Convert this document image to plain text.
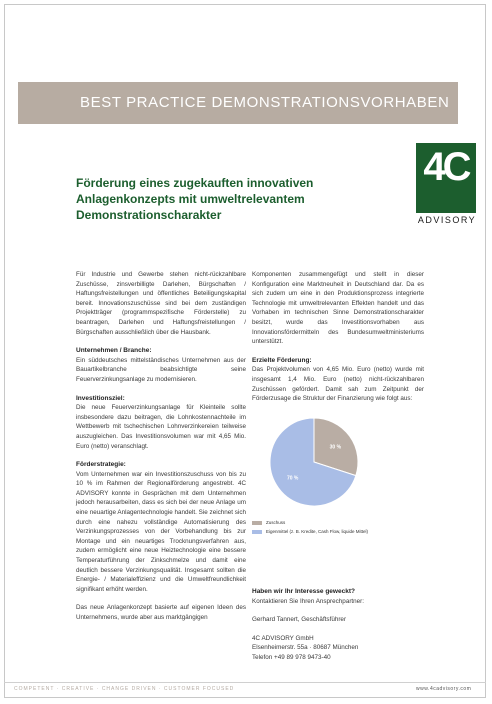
BEST PRACTICE DEMONSTRATIONSVORHABEN
4C
ADVISORY
Förderung eines zugekauften innovativen
Anlagenkonzepts mit umweltrelevantem
Demonstrationscharakter

Für Industrie und Gewerbe stehen nicht-rückzahlbare Zuschüsse, zinsverbilligte Darlehen, Bürgschaften / Haftungsfreistellungen und öffentliches Beteiligungskapital bereit. Innovationszuschüsse sind bei dem zuständigen Projektträger (programmspezifische Förderstelle) zu beantragen, Darlehen und Haftungsfreistellungen / Bürgschaften ausschließlich über die Hausbank.

Unternehmen / Branche:

Ein süddeutsches mittelständisches Unternehmen aus der Bauartikelbranche beabsichtigte seine Feuerverzinkungsanlage zu modernisieren.

Investitionsziel:

Die neue Feuerverzinkungsanlage für Kleinteile sollte insbesondere dazu beitragen, die Lohnkostennachteile im Wettbewerb mit tschechischen Lohnverzinkereien teilweise auszugleichen. Das Investitionsvolumen war mit 4,65 Mio. Euro (netto) veranschlagt.

Förderstrategie:

Vom Unternehmen war ein Investitionszuschuss von bis zu 10 % im Rahmen der Regionalförderung angestrebt. 4C ADVISORY konnte in Gesprächen mit dem Unternehmen jedoch herausarbeiten, dass es sich bei der neue Anlage um eine neuartige Anlagentechnologie handelt. Sie zeichnet sich durch eine nahezu vollständige Automatisierung des Verzinkungsprozesses von der Vorbehandlung bis zur Montage und ein neuartiges Trocknungsverfahren aus, zudem ermöglicht eine neue Heiztechnologie eine bessere Temperaturführung der Zinkschmelze und damit eine deutlich bessere Verzinkungsqualität. Insgesamt sollten die Energie- / Materialeffizienz und die Umweltfreundlichkeit signifikant erhöht werden.

Das neue Anlagenkonzept basierte auf eigenen Ideen des Unternehmens, wurde aber aus marktgängigen

Komponenten zusammengefügt und stellt in dieser Konfiguration eine Marktneuheit in Deutschland dar. Da es sich zudem um eine in den Produktionsprozess integrierte Technologie mit umweltrelevanten Effekten handelt und das Vorhaben im technischen Sinne Demonstrationscharakter besitzt, wurde das Investitionsvorhaben aus Innovationsfördermitteln des Bundesumweltministeriums unterstützt.

Erzielte Förderung:

Das Projektvolumen von 4,65 Mio. Euro (netto) wurde mit insgesamt 1,4 Mio. Euro (netto) nicht-rückzahlbaren Zuschüssen gefördert. Damit sah zum Zeitpunkt der Förderzusage die Struktur der Finanzierung wie folgt aus:

30 %
70 %
Zuschuss
Eigenmittel (z. B. Kredite, Cash Flow, liquide Mittel)
Haben wir Ihr Interesse geweckt?

Kontaktieren Sie Ihren Ansprechpartner:

Gerhard Tannert, Geschäftsführer

4C ADVISORY GmbH
Elsenheimerstr. 55a · 80687 München
Telefon +49 89 978 9473-40
COMPETENT · CREATIVE · CHANGE DRIVEN · CUSTOMER FOCUSED	www.4cadvisory.com
